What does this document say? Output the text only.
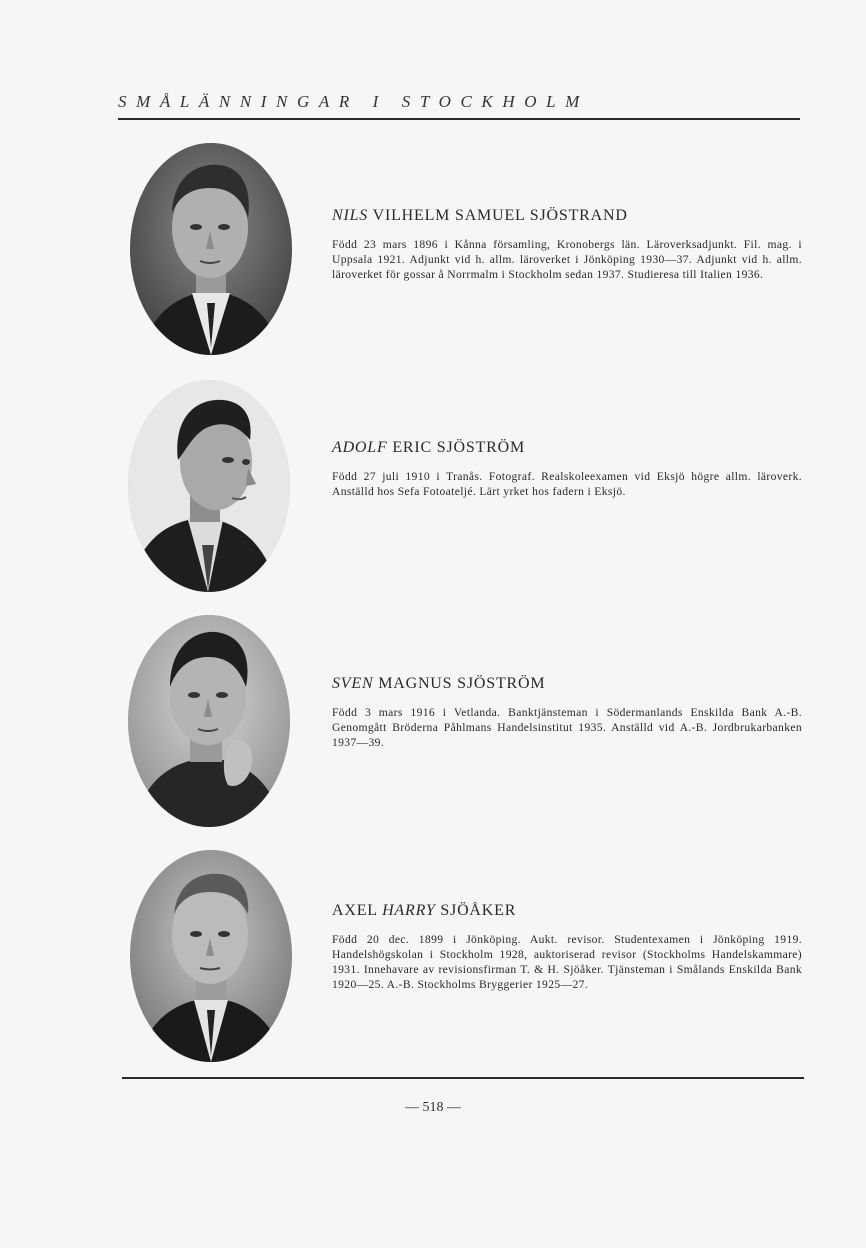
SMÅLÄNNINGAR I STOCKHOLM
NILS VILHELM SAMUEL SJÖSTRAND

Född 23 mars 1896 i Kånna församling, Kronobergs län. Läroverksadjunkt. Fil. mag. i Uppsala 1921. Adjunkt vid h. allm. läroverket i Jönköping 1930—37. Adjunkt vid h. allm. läroverket för gossar å Norrmalm i Stockholm sedan 1937. Studieresa till Italien 1936.

ADOLF ERIC SJÖSTRÖM

Född 27 juli 1910 i Tranås. Fotograf. Realskoleexamen vid Eksjö högre allm. läroverk. Anställd hos Sefa Fotoateljé. Lärt yrket hos fadern i Eksjö.

SVEN MAGNUS SJÖSTRÖM

Född 3 mars 1916 i Vetlanda. Banktjänsteman i Södermanlands Enskilda Bank A.-B. Genomgått Bröderna Påhlmans Handelsinstitut 1935. Anställd vid A.-B. Jordbrukarbanken 1937—39.

AXEL HARRY SJÖÅKER

Född 20 dec. 1899 i Jönköping. Aukt. revisor. Studentexamen i Jönköping 1919. Handelshögskolan i Stockholm 1928, auktoriserad revisor (Stockholms Handelskammare) 1931. Innehavare av revisionsfirman T. & H. Sjöåker. Tjänsteman i Smålands Enskilda Bank 1920—25. A.-B. Stockholms Bryggerier 1925—27.

— 518 —
